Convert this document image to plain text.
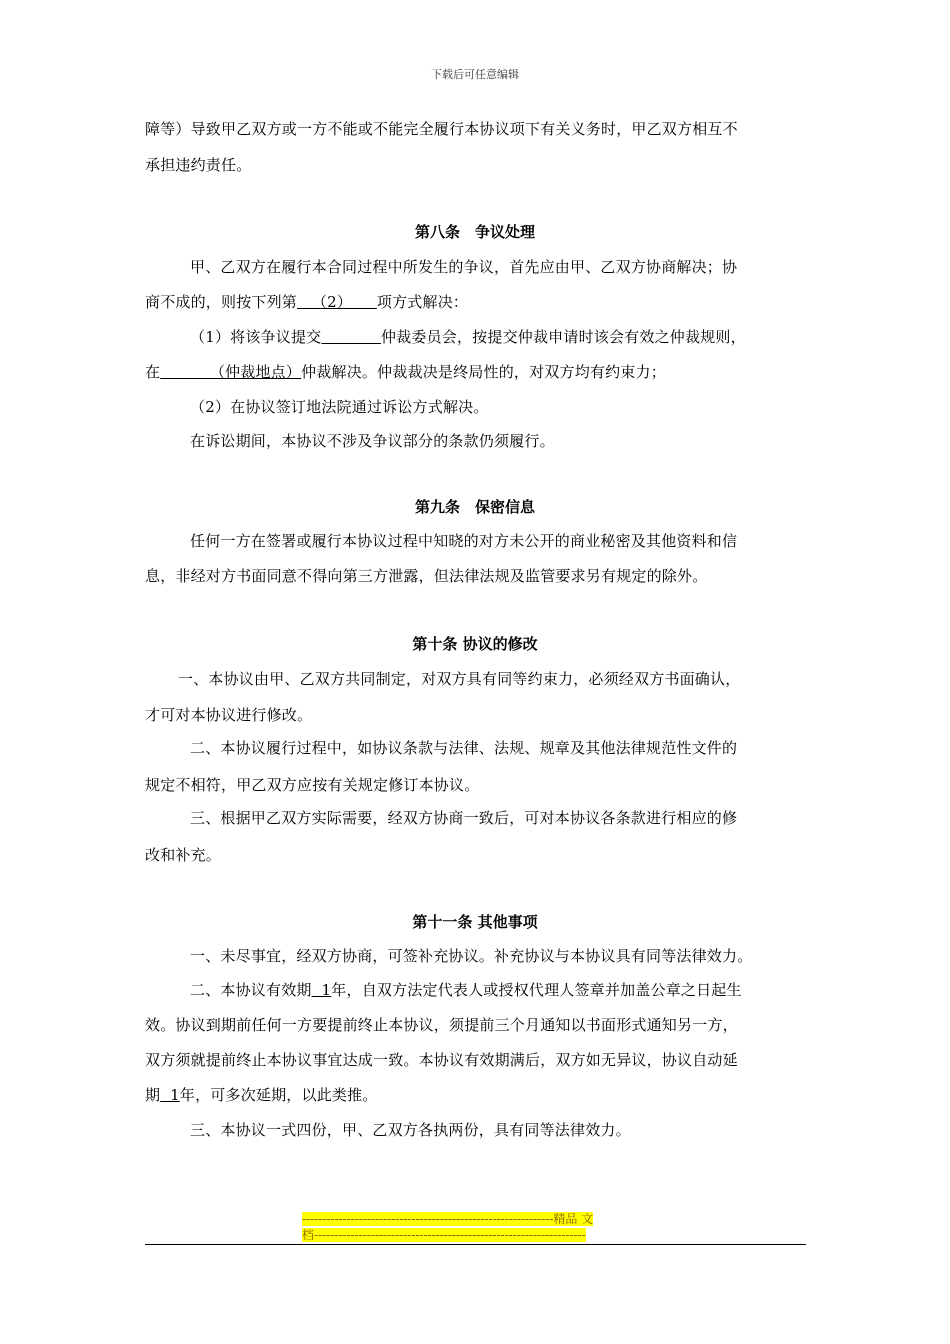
下载后可任意编辑
障等）导致甲乙双方或一方不能或不能完全履行本协议项下有关义务时，甲乙双方相互不
承担违约责任。
第八条　争议处理
甲、乙双方在履行本合同过程中所发生的争议，首先应由甲、乙双方协商解决；协
商不成的，则按下列第   （2）     项方式解决：
（1）将该争议提交	仲裁委员会，按提交仲裁申请时该会有效之仲裁规则，
在          （仲裁地点）仲裁解决。仲裁裁决是终局性的，对双方均有约束力；
（2）在协议签订地法院通过诉讼方式解决。
在诉讼期间，本协议不涉及争议部分的条款仍须履行。
第九条　保密信息
任何一方在签署或履行本协议过程中知晓的对方未公开的商业秘密及其他资料和信
息，非经对方书面同意不得向第三方泄露，但法律法规及监管要求另有规定的除外。
第十条 协议的修改
一、本协议由甲、乙双方共同制定，对双方具有同等约束力，必须经双方书面确认，
才可对本协议进行修改。
二、本协议履行过程中，如协议条款与法律、法规、规章及其他法律规范性文件的
规定不相符，甲乙双方应按有关规定修订本协议。
三、根据甲乙双方实际需要，经双方协商一致后，可对本协议各条款进行相应的修
改和补充。
第十一条 其他事项
一、未尽事宜，经双方协商，可签补充协议。补充协议与本协议具有同等法律效力。
二、本协议有效期  1年，自双方法定代表人或授权代理人签章并加盖公章之日起生
效。协议到期前任何一方要提前终止本协议，须提前三个月通知以书面形式通知另一方，
双方须就提前终止本协议事宜达成一致。本协议有效期满后，双方如无异议，协议自动延
期  1年，可多次延期，以此类推。
三、本协议一式四份，甲、乙双方各执两份，具有同等法律效力。
--------------------------------------------------------------精品 文
档-------------------------------------------------------------------
